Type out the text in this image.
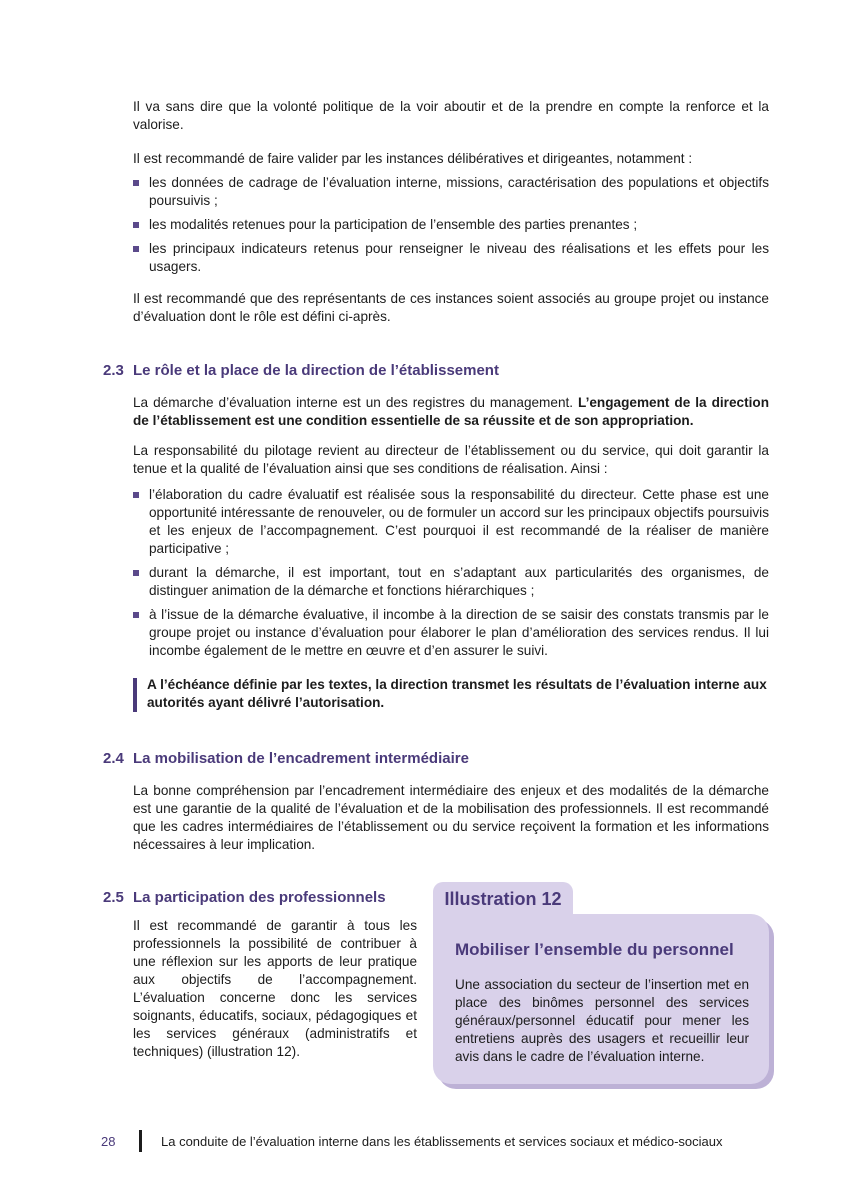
Il va sans dire que la volonté politique de la voir aboutir et de la prendre en compte la renforce et la valorise.

Il est recommandé de faire valider par les instances délibératives et dirigeantes, notamment :

les données de cadrage de l’évaluation interne, missions, caractérisation des populations et objectifs poursuivis ;
les modalités retenues pour la participation de l’ensemble des parties prenantes ;
les principaux indicateurs retenus pour renseigner le niveau des réalisations et les effets pour les usagers.

Il est recommandé que des représentants de ces instances soient associés au groupe projet ou instance d’évaluation dont le rôle est défini ci-après.

2.3 Le rôle et la place de la direction de l’établissement

La démarche d’évaluation interne est un des registres du management. L’engagement de la direction de l’établissement est une condition essentielle de sa réussite et de son appropriation.

La responsabilité du pilotage revient au directeur de l’établissement ou du service, qui doit garantir la tenue et la qualité de l’évaluation ainsi que ses conditions de réalisation. Ainsi :

l’élaboration du cadre évaluatif est réalisée sous la responsabilité du directeur. Cette phase est une opportunité intéressante de renouveler, ou de formuler un accord sur les principaux objectifs poursuivis et les enjeux de l’accompagnement. C’est pourquoi il est recommandé de la réaliser de manière participative ;
durant la démarche, il est important, tout en s’adaptant aux particularités des organismes, de distinguer animation de la démarche et fonctions hiérarchiques ;
à l’issue de la démarche évaluative, il incombe à la direction de se saisir des constats transmis par le groupe projet ou instance d’évaluation pour élaborer le plan d’amélioration des services rendus. Il lui incombe également de le mettre en œuvre et d’en assurer le suivi.
A l’échéance définie par les textes, la direction transmet les résultats de l’évaluation interne aux autorités ayant délivré l’autorisation.
2.4 La mobilisation de l’encadrement intermédiaire

La bonne compréhension par l’encadrement intermédiaire des enjeux et des modalités de la démarche est une garantie de la qualité de l’évaluation et de la mobilisation des professionnels. Il est recommandé que les cadres intermédiaires de l’établissement ou du service reçoivent la formation et les informations nécessaires à leur implication.

2.5 La participation des professionnels

Il est recommandé de garantir à tous les professionnels la possibilité de contribuer à une réflexion sur les apports de leur pratique aux objectifs de l’accompagnement. L’évaluation concerne donc les services soignants, éducatifs, sociaux, pédagogiques et les services généraux (administratifs et techniques) (illustration 12).

Illustration 12
Mobiliser l’ensemble du personnel

Une association du secteur de l’insertion met en place des binômes personnel des services généraux/personnel éducatif pour mener les entretiens auprès des usagers et recueillir leur avis dans le cadre de l’évaluation interne.

28	La conduite de l’évaluation interne dans les établissements et services sociaux et médico-sociaux
